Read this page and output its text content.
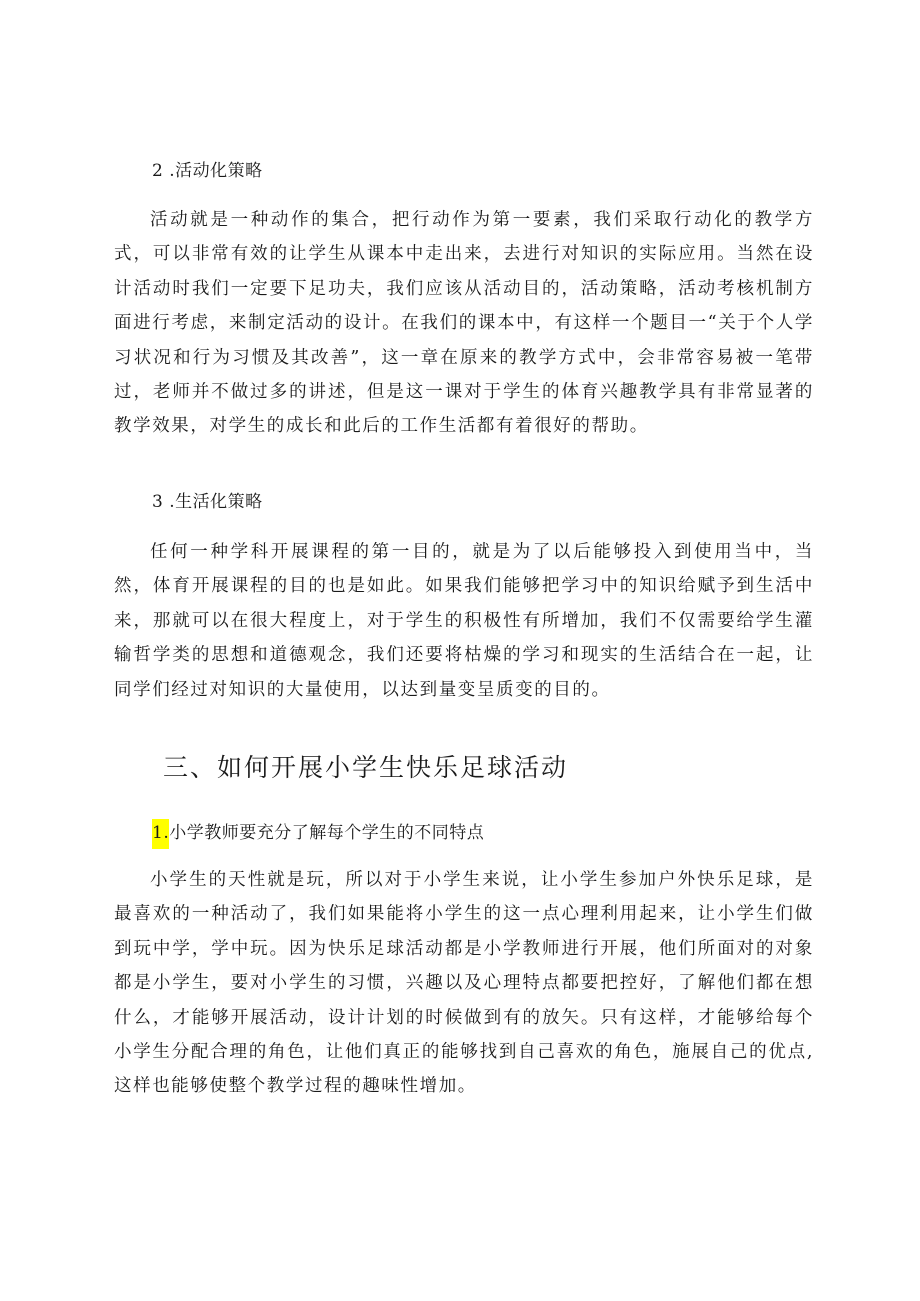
2 .活动化策略

活动就是一种动作的集合，把行动作为第一要素，我们采取行动化的教学方式，可以非常有效的让学生从课本中走出来，去进行对知识的实际应用。当然在设计活动时我们一定要下足功夫，我们应该从活动目的，活动策略，活动考核机制方面进行考虑，来制定活动的设计。在我们的课本中，有这样一个题目一“关于个人学习状况和行为习惯及其改善”，这一章在原来的教学方式中，会非常容易被一笔带过，老师并不做过多的讲述，但是这一课对于学生的体育兴趣教学具有非常显著的教学效果，对学生的成长和此后的工作生活都有着很好的帮助。

3 .生活化策略

任何一种学科开展课程的第一目的，就是为了以后能够投入到使用当中，当然，体育开展课程的目的也是如此。如果我们能够把学习中的知识给赋予到生活中来，那就可以在很大程度上，对于学生的积极性有所增加，我们不仅需要给学生灌输哲学类的思想和道德观念，我们还要将枯燥的学习和现实的生活结合在一起，让同学们经过对知识的大量使用，以达到量变呈质变的目的。

三、如何开展小学生快乐足球活动
1.小学教师要充分了解每个学生的不同特点

小学生的天性就是玩，所以对于小学生来说，让小学生参加户外快乐足球，是最喜欢的一种活动了，我们如果能将小学生的这一点心理利用起来，让小学生们做到玩中学，学中玩。因为快乐足球活动都是小学教师进行开展，他们所面对的对象都是小学生，要对小学生的习惯，兴趣以及心理特点都要把控好，了解他们都在想什么，才能够开展活动，设计计划的时候做到有的放矢。只有这样，才能够给每个小学生分配合理的角色，让他们真正的能够找到自己喜欢的角色，施展自己的优点,这样也能够使整个教学过程的趣味性增加。
